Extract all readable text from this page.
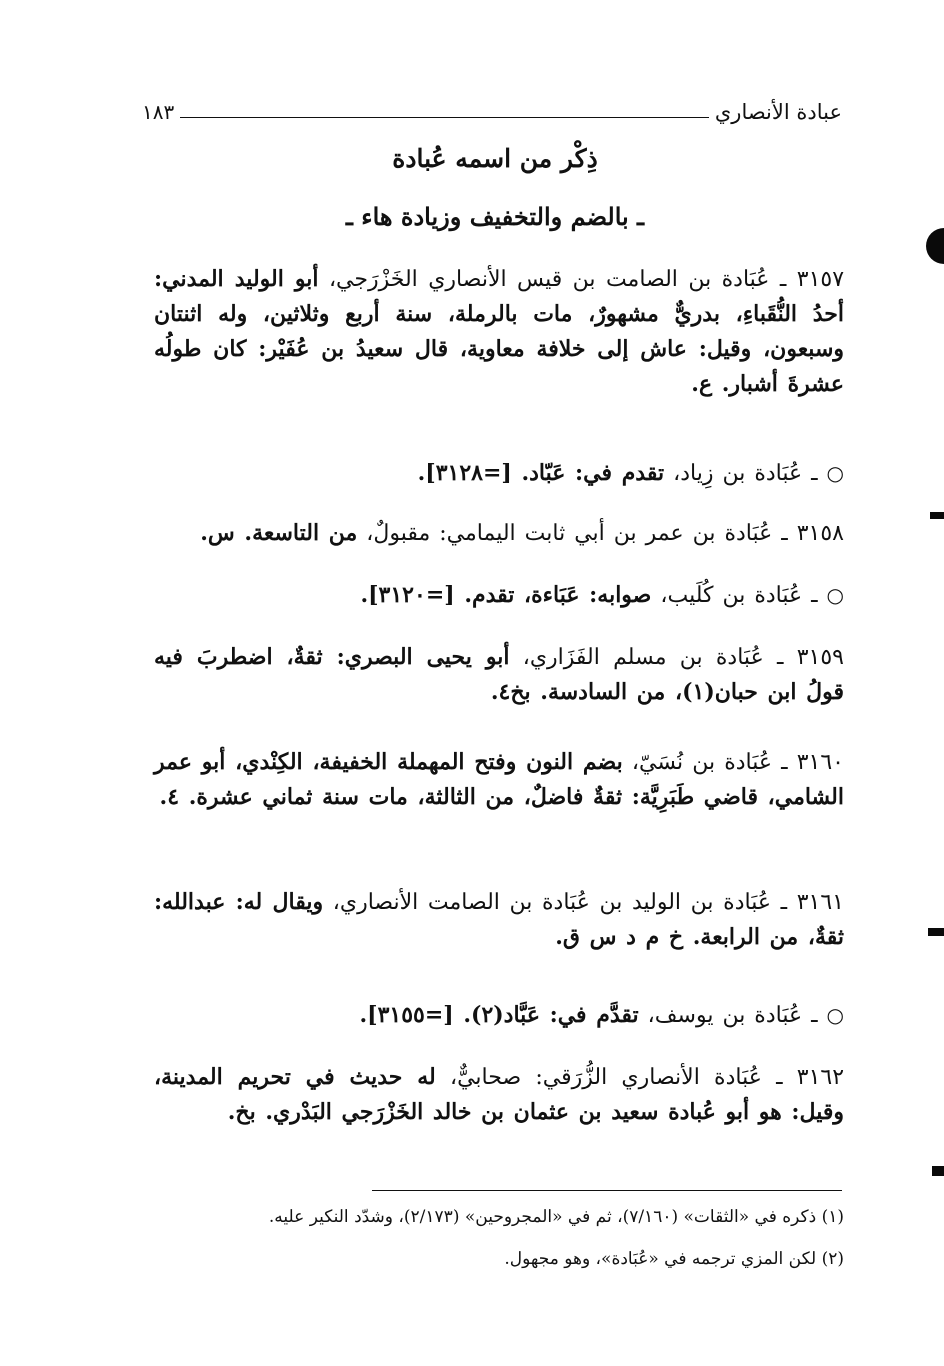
عبادة الأنصاري
١٨٣
ذِكْر من اسمه عُبادة
ـ بالضم والتخفيف وزيادة هاء ـ
٣١٥٧ ـ عُبَادة بن الصامت بن قيس الأنصاري الخَزْرَجي، أبو الوليد المدني: أحدُ النُّقَباءِ، بدريٌّ مشهورٌ، مات بالرملة، سنة أربع وثلاثين، وله اثنتان وسبعون، وقيل: عاش إلى خلافة معاوية، قال سعيدُ بن عُفَيْر: كان طولُه عشرةَ أشبار. ع.
○ ـ عُبَادة بن زِياد، تقدم في: عَبّاد. [=٣١٢٨].
٣١٥٨ ـ عُبَادة بن عمر بن أبي ثابت اليمامي: مقبولٌ، من التاسعة. س.
○ ـ عُبَادة بن كُلَيب، صوابه: عَبَاءة، تقدم. [=٣١٢٠].
٣١٥٩ ـ عُبَادة بن مسلم الفَزَاري، أبو يحيى البصري: ثقةٌ، اضطربَ فيه قولُ ابن حبان(١)، من السادسة. بخ٤.
٣١٦٠ ـ عُبَادة بن نُسَيّ، بضم النون وفتح المهملة الخفيفة، الكِنْدي، أبو عمر الشامي، قاضي طَبَرِيَّة: ثقةٌ فاضلٌ، من الثالثة، مات سنة ثماني عشرة. ٤.
٣١٦١ ـ عُبَادة بن الوليد بن عُبَادة بن الصامت الأنصاري، ويقال له: عبدالله: ثقةٌ، من الرابعة. خ م د س ق.
○ ـ عُبَادة بن يوسف، تقدَّم في: عَبَّاد(٢). [=٣١٥٥].
٣١٦٢ ـ عُبَادة الأنصاري الزُّرَقي: صحابيٌّ، له حديث في تحريم المدينة، وقيل: هو أبو عُبادة سعيد بن عثمان بن خالد الخَزْرَجي البَدْري. بخ.
(١) ذكره في «الثقات» (٧/١٦٠)، ثم في «المجروحين» (٢/١٧٣)، وشدّد النكير عليه.
(٢) لكن المزي ترجمه في «عُبَادة»، وهو مجهول.
